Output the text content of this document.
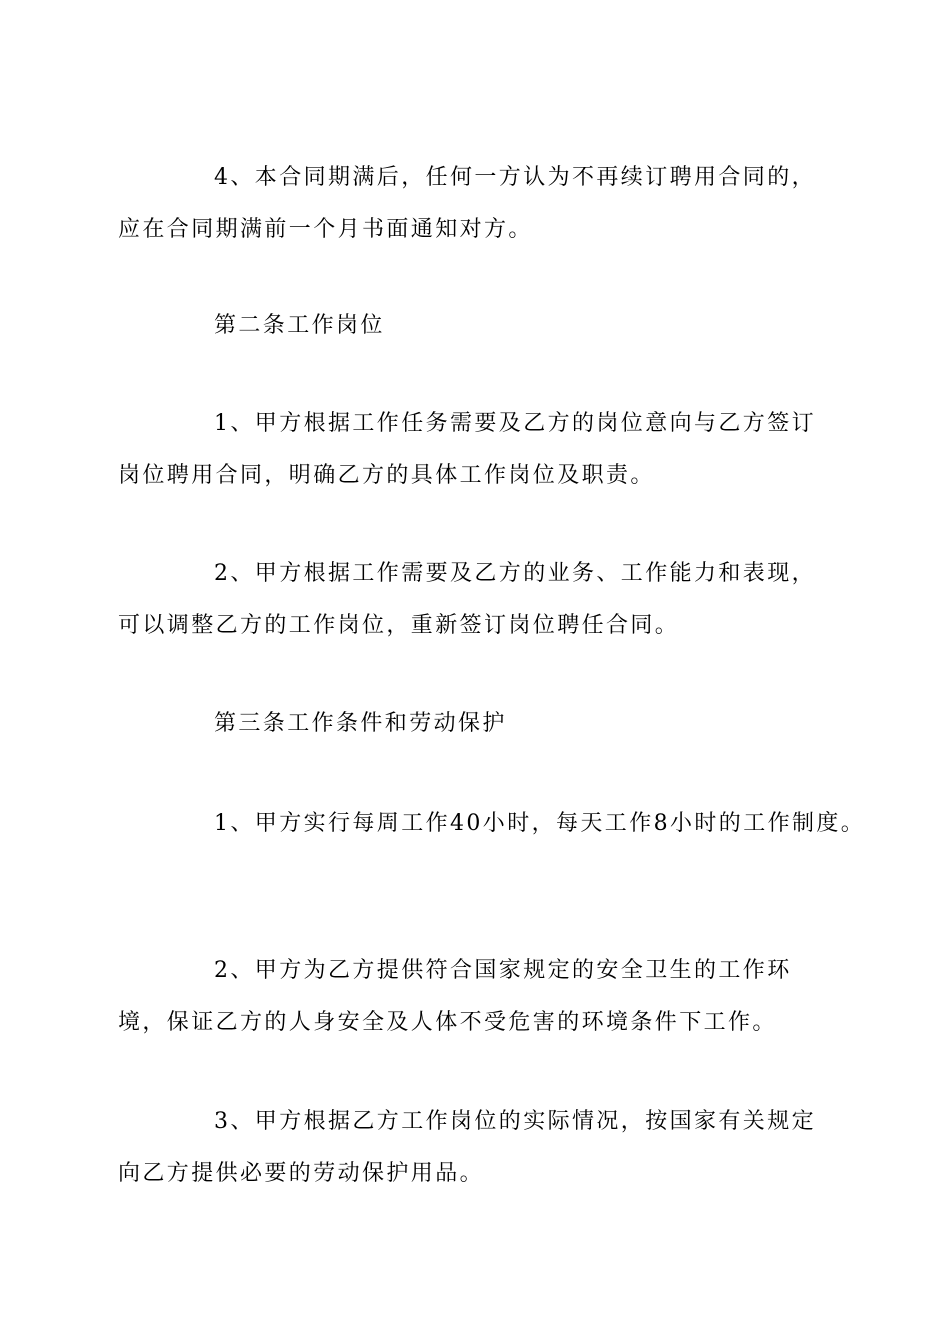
4、本合同期满后，任何一方认为不再续订聘用合同的，应在合同期满前一个月书面通知对方。

第二条工作岗位

1、甲方根据工作任务需要及乙方的岗位意向与乙方签订岗位聘用合同，明确乙方的具体工作岗位及职责。

2、甲方根据工作需要及乙方的业务、工作能力和表现，可以调整乙方的工作岗位，重新签订岗位聘任合同。

第三条工作条件和劳动保护

1、甲方实行每周工作40小时，每天工作8小时的工作制度。

2、甲方为乙方提供符合国家规定的安全卫生的工作环境，保证乙方的人身安全及人体不受危害的环境条件下工作。

3、甲方根据乙方工作岗位的实际情况，按国家有关规定向乙方提供必要的劳动保护用品。
